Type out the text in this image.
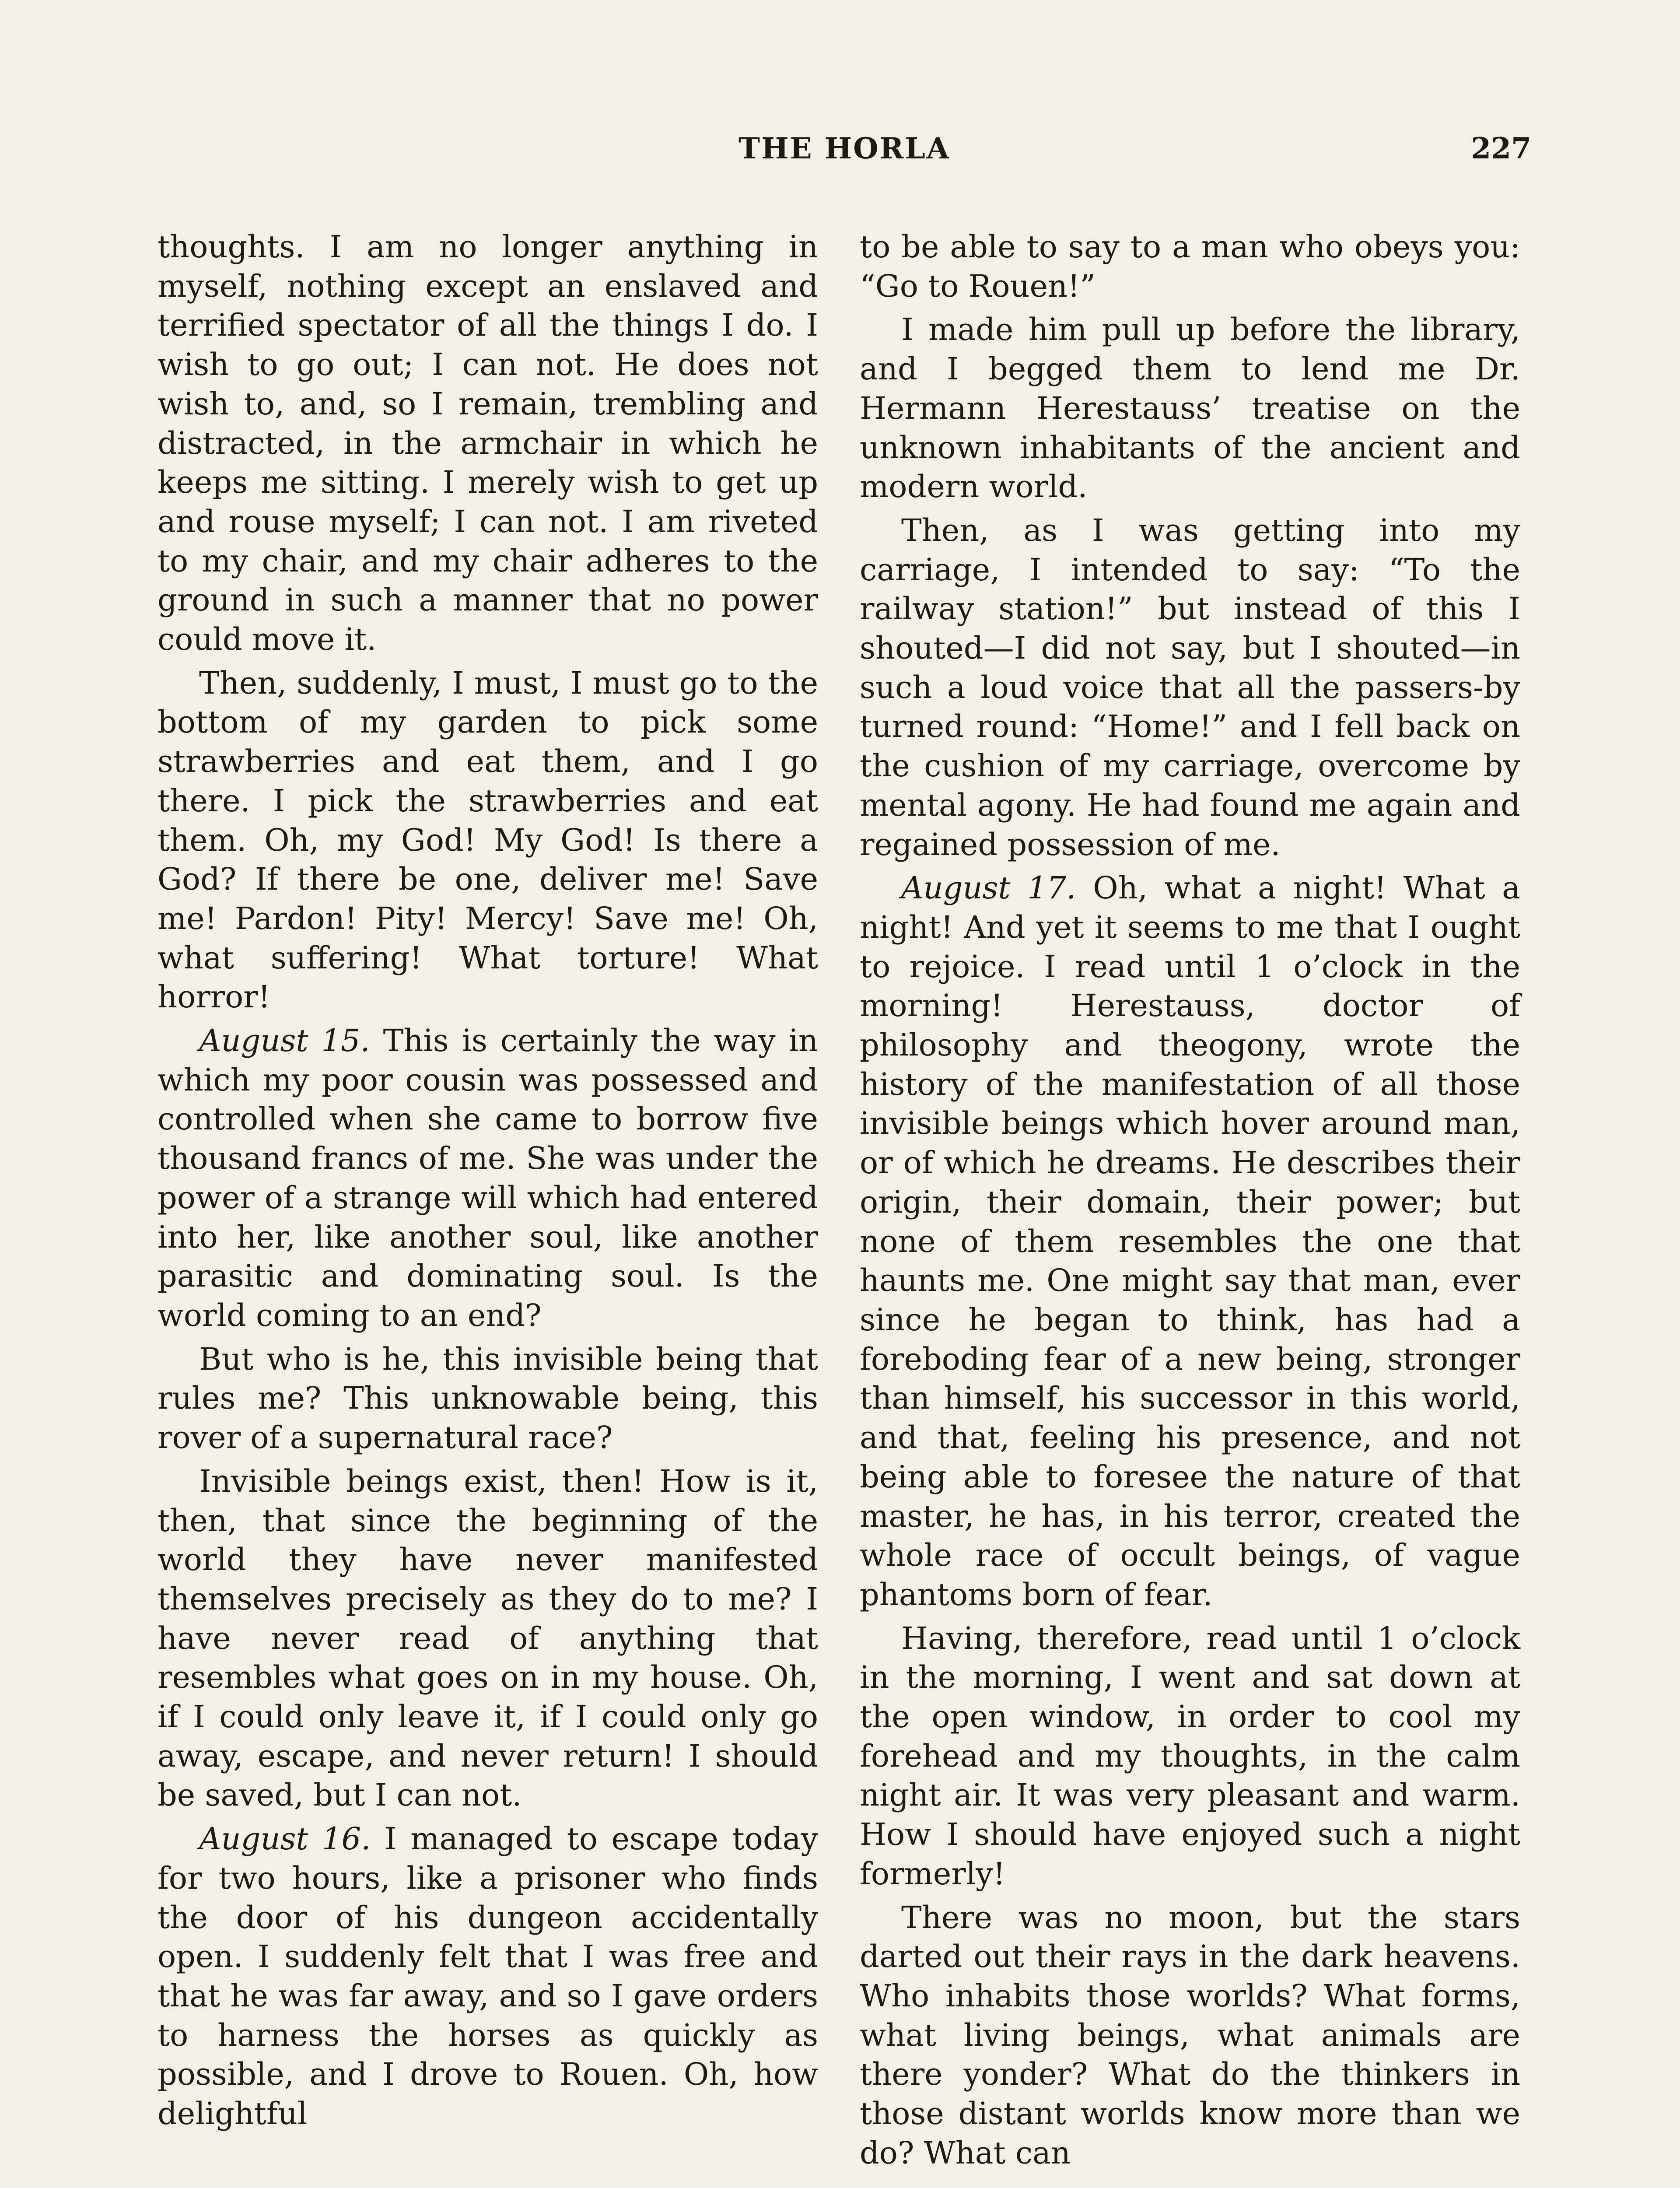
THE HORLA	227

thoughts. I am no longer anything in myself, nothing except an enslaved and terrified spectator of all the things I do. I wish to go out; I can not. He does not wish to, and, so I remain, trembling and distracted, in the armchair in which he keeps me sitting. I merely wish to get up and rouse myself; I can not. I am riveted to my chair, and my chair adheres to the ground in such a manner that no power could move it.

Then, suddenly, I must, I must go to the bottom of my garden to pick some strawberries and eat them, and I go there. I pick the strawberries and eat them. Oh, my God! My God! Is there a God? If there be one, deliver me! Save me! Pardon! Pity! Mercy! Save me! Oh, what suffering! What torture! What horror!

August 15. This is certainly the way in which my poor cousin was possessed and controlled when she came to borrow five thousand francs of me. She was under the power of a strange will which had entered into her, like another soul, like another parasitic and dominating soul. Is the world coming to an end?

But who is he, this invisible being that rules me? This unknowable being, this rover of a supernatural race?

Invisible beings exist, then! How is it, then, that since the beginning of the world they have never manifested themselves precisely as they do to me? I have never read of anything that resembles what goes on in my house. Oh, if I could only leave it, if I could only go away, escape, and never return! I should be saved, but I can not.

August 16. I managed to escape today for two hours, like a prisoner who finds the door of his dungeon accidentally open. I suddenly felt that I was free and that he was far away, and so I gave orders to harness the horses as quickly as possible, and I drove to Rouen. Oh, how delightful

to be able to say to a man who obeys you: “Go to Rouen!”

I made him pull up before the library, and I begged them to lend me Dr. Hermann Herestauss’ treatise on the unknown inhabitants of the ancient and modern world.

Then, as I was getting into my carriage, I intended to say: “To the railway station!” but instead of this I shouted—I did not say, but I shouted—in such a loud voice that all the passers-by turned round: “Home!” and I fell back on the cushion of my carriage, overcome by mental agony. He had found me again and regained possession of me.

August 17. Oh, what a night! What a night! And yet it seems to me that I ought to rejoice. I read until 1 o’clock in the morning! Herestauss, doctor of philosophy and theogony, wrote the history of the manifestation of all those invisible beings which hover around man, or of which he dreams. He describes their origin, their domain, their power; but none of them resembles the one that haunts me. One might say that man, ever since he began to think, has had a foreboding fear of a new being, stronger than himself, his successor in this world, and that, feeling his presence, and not being able to foresee the nature of that master, he has, in his terror, created the whole race of occult beings, of vague phantoms born of fear.

Having, therefore, read until 1 o’clock in the morning, I went and sat down at the open window, in order to cool my forehead and my thoughts, in the calm night air. It was very pleasant and warm. How I should have enjoyed such a night formerly!

There was no moon, but the stars darted out their rays in the dark heavens. Who inhabits those worlds? What forms, what living beings, what animals are there yonder? What do the thinkers in those distant worlds know more than we do? What can
